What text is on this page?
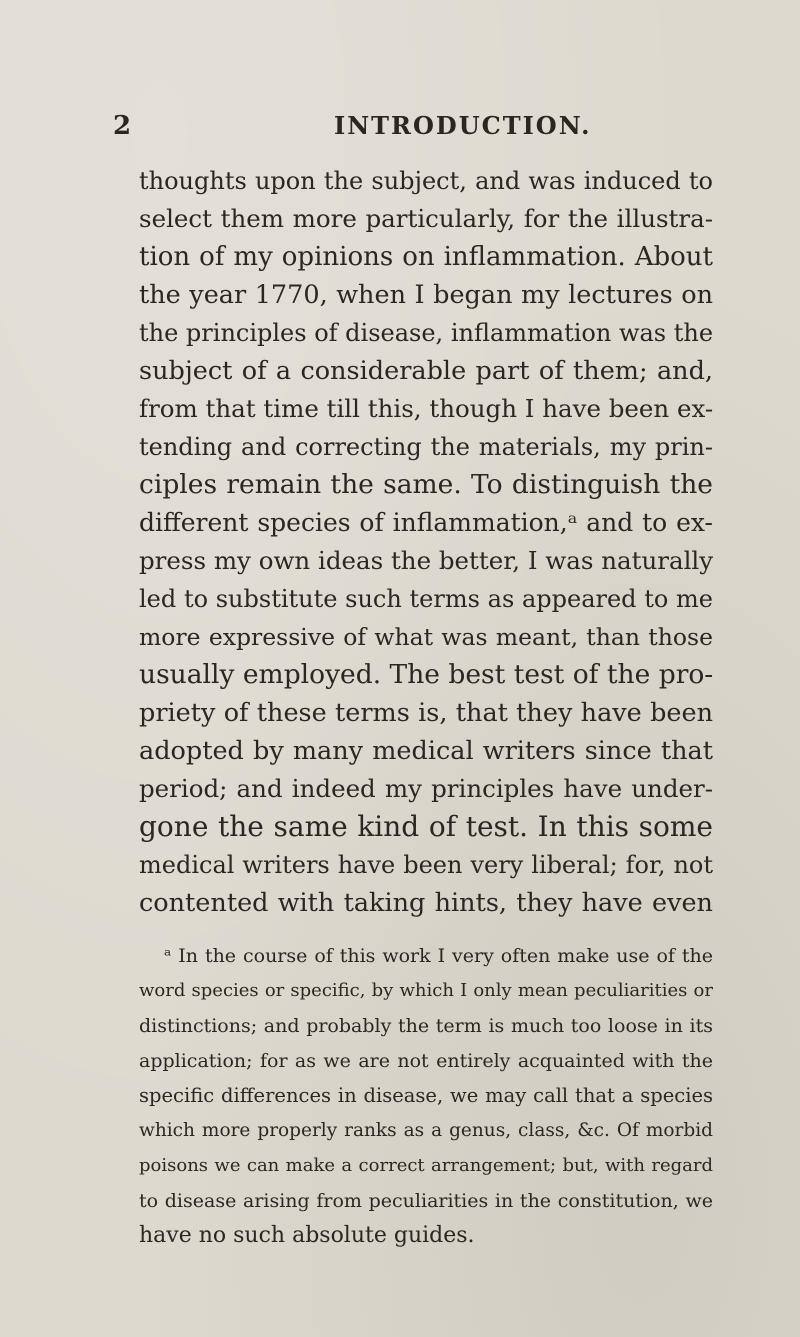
2	INTRODUCTION.
thoughts upon the subject, and was induced to
select them more particularly, for the illustra-
tion of my opinions on inflammation. About
the year 1770, when I began my lectures on
the principles of disease, inflammation was the
subject of a considerable part of them; and,
from that time till this, though I have been ex-
tending and correcting the materials, my prin-
ciples remain the same. To distinguish the
different species of inflammation,ᵃ and to ex-
press my own ideas the better, I was naturally
led to substitute such terms as appeared to me
more expressive of what was meant, than those
usually employed. The best test of the pro-
priety of these terms is, that they have been
adopted by many medical writers since that
period; and indeed my principles have under-
gone the same kind of test. In this some
medical writers have been very liberal; for, not
contented with taking hints, they have even
ᵃ In the course of this work I very often make use of the
word species or specific, by which I only mean peculiarities or
distinctions; and probably the term is much too loose in its
application; for as we are not entirely acquainted with the
specific differences in disease, we may call that a species
which more properly ranks as a genus, class, &c. Of morbid
poisons we can make a correct arrangement; but, with regard
to disease arising from peculiarities in the constitution, we
have no such absolute guides.
